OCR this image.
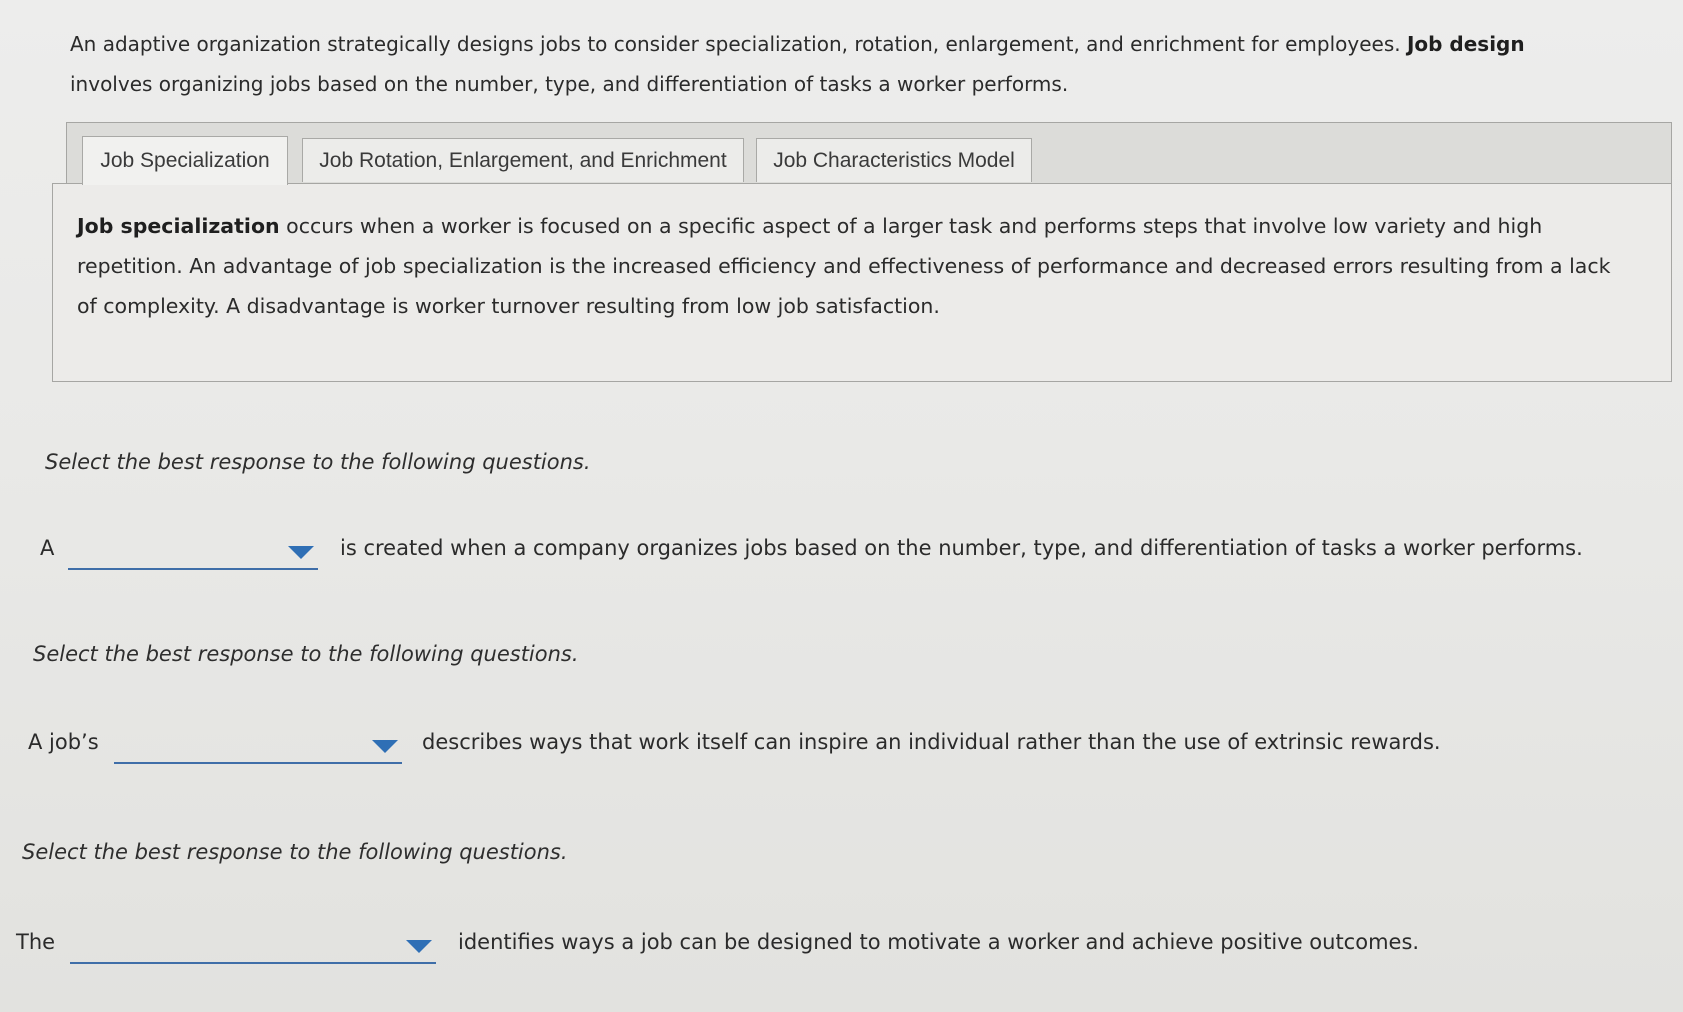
An adaptive organization strategically designs jobs to consider specialization, rotation, enlargement, and enrichment for employees. Job design involves organizing jobs based on the number, type, and differentiation of tasks a worker performs.
Job Specialization	Job Rotation, Enlargement, and Enrichment	Job Characteristics Model
Job specialization occurs when a worker is focused on a specific aspect of a larger task and performs steps that involve low variety and high repetition. An advantage of job specialization is the increased efficiency and effectiveness of performance and decreased errors resulting from a lack of complexity. A disadvantage is worker turnover resulting from low job satisfaction.
Select the best response to the following questions.
A	is created when a company organizes jobs based on the number, type, and differentiation of tasks a worker performs.
Select the best response to the following questions.
A job’s	describes ways that work itself can inspire an individual rather than the use of extrinsic rewards.
Select the best response to the following questions.
The	identifies ways a job can be designed to motivate a worker and achieve positive outcomes.
